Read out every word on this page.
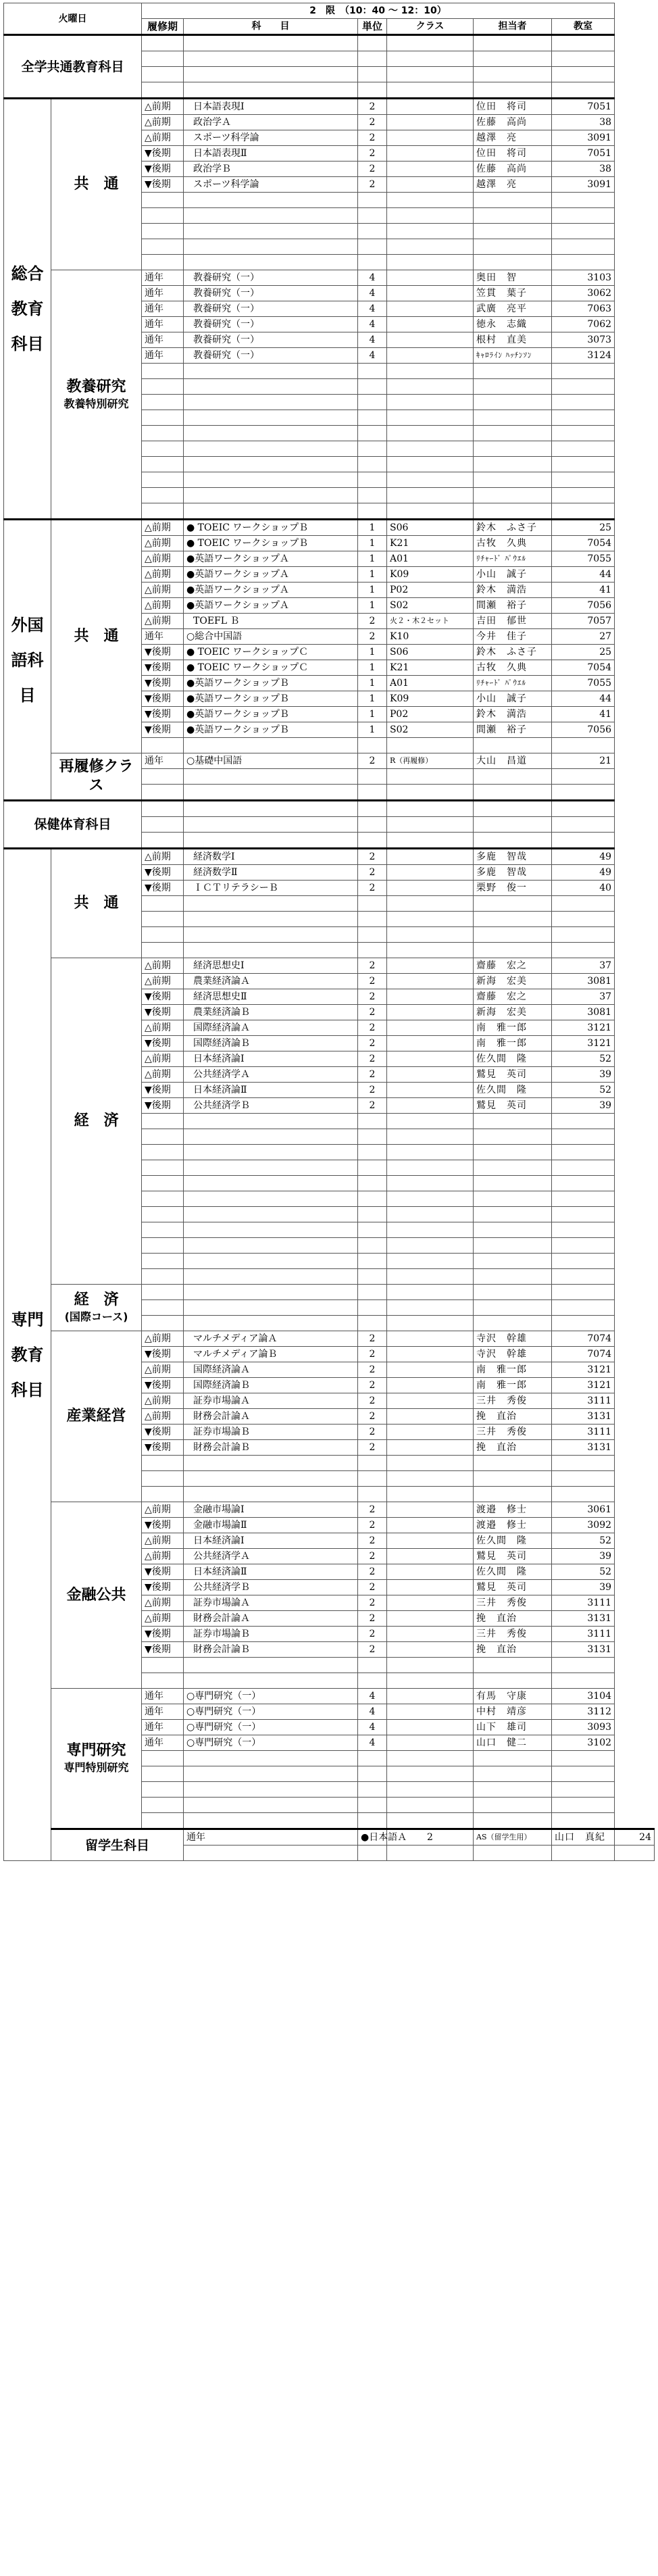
火曜日		2　限　（10：40 ～ 12：10）						
		履修期	科　　目	単位	クラス	担当者	教室	
全学共通教育科目								

総合教育科目	共　通	△前期	日本語表現Ⅰ	2		位田　将司	7051	
		△前期	政治学Ａ	2		佐藤　高尚	38	
		△前期	スポーツ科学論	2		越澤　亮	3091	
		▼後期	日本語表現Ⅱ	2		位田　将司	7051	
		▼後期	政治学Ｂ	2		佐藤　高尚	38	
		▼後期	スポーツ科学論	2		越澤　亮	3091	

	教養研究
教養特別研究	通年	教養研究（一）	4		奥田　智	3103	
		通年	教養研究（一）	4		笠貫　葉子	3062	
		通年	教養研究（一）	4		武廣　亮平	7063	
		通年	教養研究（一）	4		徳永　志織	7062	
		通年	教養研究（一）	4		根村　直美	3073	
		通年	教養研究（一）	4		ｷｬﾛﾗｲﾝ ﾊｯﾁﾝｿﾝ	3124	

外国語科目	共　通	△前期	● TOEIC ワークショップＢ	1	S06	鈴木　ふさ子	25	
		△前期	● TOEIC ワークショップＢ	1	K21	古牧　久典	7054	
		△前期	●英語ワークショップＡ	1	A01	ﾘﾁｬｰﾄﾞ ﾊﾟｳｴﾙ	7055	
		△前期	●英語ワークショップＡ	1	K09	小山　誠子	44	
		△前期	●英語ワークショップＡ	1	P02	鈴木　満浩	41	
		△前期	●英語ワークショップＡ	1	S02	間瀬　裕子	7056	
		△前期	TOEFL Ｂ	2	火２・木２セット	吉田　郁世	7057	
		通年	○総合中国語	2	K10	今井　佳子	27	
		▼後期	● TOEIC ワークショップＣ	1	S06	鈴木　ふさ子	25	
		▼後期	● TOEIC ワークショップＣ	1	K21	古牧　久典	7054	
		▼後期	●英語ワークショップＢ	1	A01	ﾘﾁｬｰﾄﾞ ﾊﾟｳｴﾙ	7055	
		▼後期	●英語ワークショップＢ	1	K09	小山　誠子	44	
		▼後期	●英語ワークショップＢ	1	P02	鈴木　満浩	41	
		▼後期	●英語ワークショップＢ	1	S02	間瀬　裕子	7056	

	再履修クラス	通年	○基礎中国語	2	R（再履修）	大山　昌道	21	

保健体育科目								

専門教育科目	共　通	△前期	経済数学Ⅰ	2		多鹿　智哉	49	
		▼後期	経済数学Ⅱ	2		多鹿　智哉	49	
		▼後期	ＩＣＴリテラシーＢ	2		栗野　俊一	40	

	経　済	△前期	経済思想史Ⅰ	2		齋藤　宏之	37	
		△前期	農業経済論Ａ	2		新海　宏美	3081	
		▼後期	経済思想史Ⅱ	2		齋藤　宏之	37	
		▼後期	農業経済論Ｂ	2		新海　宏美	3081	
		△前期	国際経済論Ａ	2		南　雅一郎	3121	
		▼後期	国際経済論Ｂ	2		南　雅一郎	3121	
		△前期	日本経済論Ⅰ	2		佐久間　隆	52	
		△前期	公共経済学Ａ	2		鷲見　英司	39	
		▼後期	日本経済論Ⅱ	2		佐久間　隆	52	
		▼後期	公共経済学Ｂ	2		鷲見　英司	39	

	経　済
(国際コース)							

	産業経営	△前期	マルチメディア論Ａ	2		寺沢　幹雄	7074	
		▼後期	マルチメディア論Ｂ	2		寺沢　幹雄	7074	
		△前期	国際経済論Ａ	2		南　雅一郎	3121	
		▼後期	国際経済論Ｂ	2		南　雅一郎	3121	
		△前期	証券市場論Ａ	2		三井　秀俊	3111	
		△前期	財務会計論Ａ	2		挽　直治	3131	
		▼後期	証券市場論Ｂ	2		三井　秀俊	3111	
		▼後期	財務会計論Ｂ	2		挽　直治	3131	

	金融公共	△前期	金融市場論Ⅰ	2		渡邉　修士	3061	
		▼後期	金融市場論Ⅱ	2		渡邉　修士	3092	
		△前期	日本経済論Ⅰ	2		佐久間　隆	52	
		△前期	公共経済学Ａ	2		鷲見　英司	39	
		▼後期	日本経済論Ⅱ	2		佐久間　隆	52	
		▼後期	公共経済学Ｂ	2		鷲見　英司	39	
		△前期	証券市場論Ａ	2		三井　秀俊	3111	
		△前期	財務会計論Ａ	2		挽　直治	3131	
		▼後期	証券市場論Ｂ	2		三井　秀俊	3111	
		▼後期	財務会計論Ｂ	2		挽　直治	3131	

	専門研究
専門特別研究	通年	○専門研究（一）	4		有馬　守康	3104	
		通年	○専門研究（一）	4		中村　靖彦	3112	
		通年	○専門研究（一）	4		山下　雄司	3093	
		通年	○専門研究（一）	4		山口　健二	3102	

	留学生科目		通年	●日本語Ａ	2	AS（留学生用）	山口　真紀	24
